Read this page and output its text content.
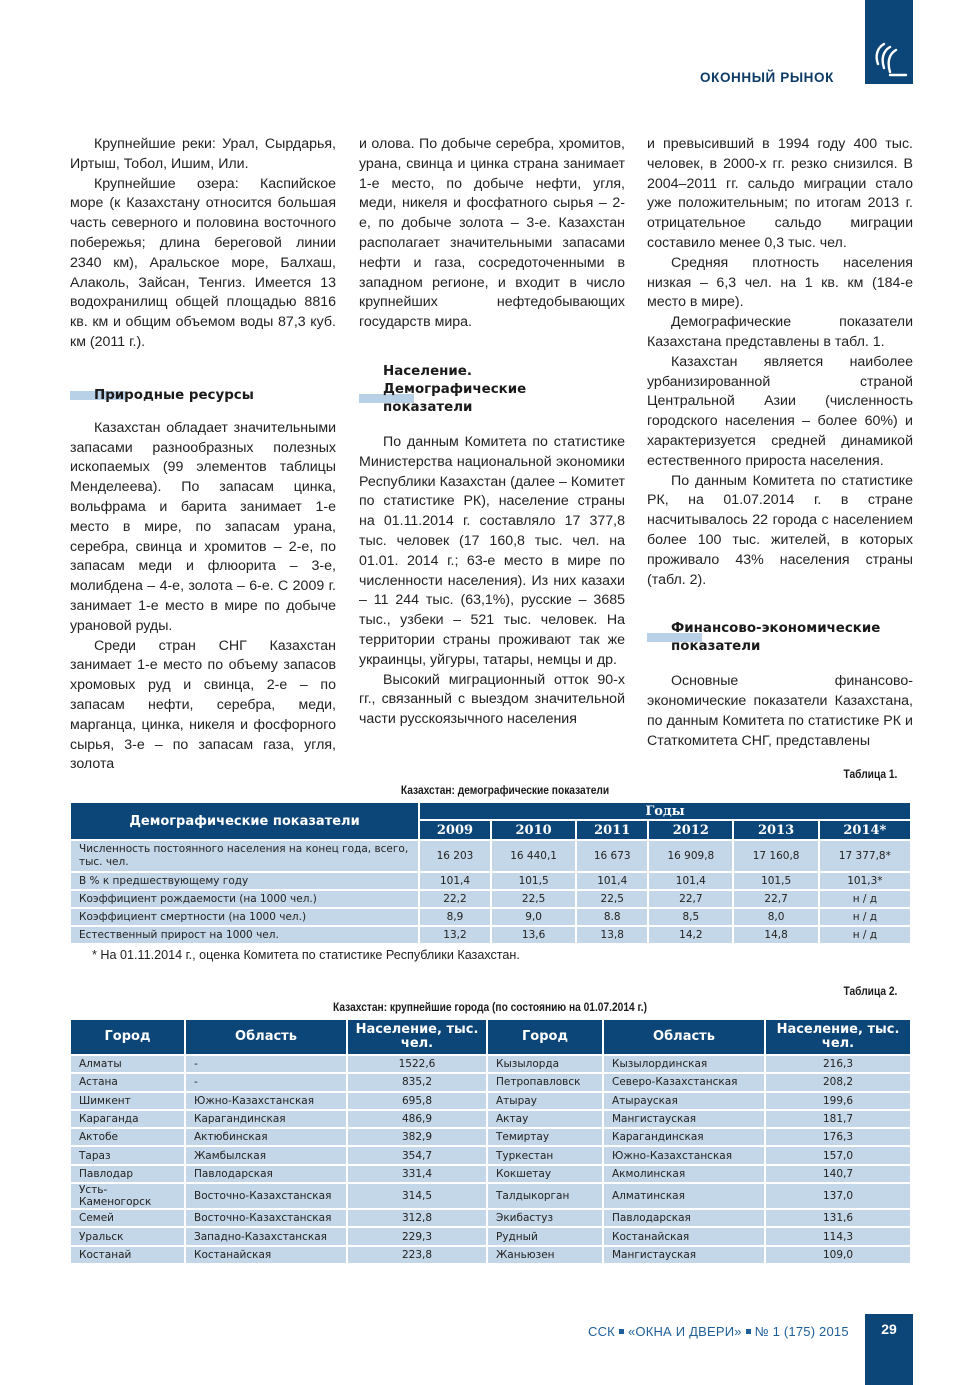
ОКОННЫЙ РЫНОК

Крупнейшие реки: Урал, Сырдарья, Иртыш, Тобол, Ишим, Или.

Крупнейшие озера: Каспийское море (к Казахстану относится большая часть северного и половина восточного побережья; длина береговой линии 2340 км), Аральское море, Балхаш, Алаколь, Зайсан, Тенгиз. Имеется 13 водохранилищ общей площадью 8816 кв. км и общим объемом воды 87,3 куб. км (2011 г.).

Природные ресурсы

Казахстан обладает значительными запасами разнообразных полезных ископаемых (99 элементов таблицы Менделеева). По запасам цинка, вольфрама и барита занимает 1-е место в мире, по запасам урана, серебра, свинца и хромитов – 2-е, по запасам меди и флюорита – 3-е, молибдена – 4-е, золота – 6-е. С 2009 г. занимает 1-е место в мире по добыче урановой руды.

Среди стран СНГ Казахстан занимает 1-е место по объему запасов хромовых руд и свинца, 2-е – по запасам нефти, серебра, меди, марганца, цинка, никеля и фосфорного сырья, 3-е – по запасам газа, угля, золота

и олова. По добыче серебра, хромитов, урана, свинца и цинка страна занимает 1-е место, по добыче нефти, угля, меди, никеля и фосфатного сырья – 2-е, по добыче золота – 3-е. Казахстан располагает значительными запасами нефти и газа, сосредоточенными в западном регионе, и входит в число крупнейших нефтедобывающих государств мира.

Население.
Демографические
показатели

По данным Комитета по статистике Министерства национальной экономики Республики Казахстан (далее – Комитет по статистике РК), население страны на 01.11.2014 г. составляло 17 377,8 тыс. человек (17 160,8 тыс. чел. на 01.01. 2014 г.; 63-е место в мире по численности населения). Из них казахи – 11 244 тыс. (63,1%), русские – 3685 тыс., узбеки – 521 тыс. человек. На территории страны проживают так же украинцы, уйгуры, татары, немцы и др.

Высокий миграционный отток 90-х гг., связанный с выездом значительной части русскоязычного населения

и превысивший в 1994 году 400 тыс. человек, в 2000-х гг. резко снизился. В 2004–2011 гг. сальдо миграции стало уже положительным; по итогам 2013 г. отрицательное сальдо миграции составило менее 0,3 тыс. чел.

Средняя плотность населения низкая – 6,3 чел. на 1 кв. км (184-е место в мире).

Демографические показатели Казахстана представлены в табл. 1.

Казахстан является наиболее урбанизированной страной Центральной Азии (численность городского населения – более 60%) и характеризуется средней динамикой естественного прироста населения.

По данным Комитета по статистике РК, на 01.07.2014 г. в стране насчитывалось 22 города с населением более 100 тыс. жителей, в которых проживало 43% населения страны (табл. 2).

Финансово-экономические
показатели

Основные финансово-экономические показатели Казахстана, по данным Комитета по статистике РК и Статкомитета СНГ, представлены

Таблица 1.
Казахстан: демографические показатели
Демографические показатели	Годы					
	2009	2010	2011	2012	2013	2014*
Численность постоянного населения на конец года, всего, тыс. чел.	16 203	16 440,1	16 673	16 909,8	17 160,8	17 377,8*
В % к предшествующему году	101,4	101,5	101,4	101,4	101,5	101,3*
Коэффициент рождаемости (на 1000 чел.)	22,2	22,5	22,5	22,7	22,7	н / д
Коэффициент смертности (на 1000 чел.)	8,9	9,0	8.8	8,5	8,0	н / д
Естественный прирост на 1000 чел.	13,2	13,6	13,8	14,2	14,8	н / д
* На 01.11.2014 г., оценка Комитета по статистике Республики Казахстан.
Таблица 2.
Казахстан: крупнейшие города (по состоянию на 01.07.2014 г.)
Город	Область	Население, тыс. чел.	Город	Область	Население, тыс. чел.
Алматы	-	1522,6	Кызылорда	Кызылординская	216,3
Астана	-	835,2	Петропавловск	Северо-Казахстанская	208,2
Шимкент	Южно-Казахстанская	695,8	Атырау	Атырауская	199,6
Караганда	Карагандинская	486,9	Актау	Мангистауская	181,7
Актобе	Актюбинская	382,9	Темиртау	Карагандинская	176,3
Тараз	Жамбылская	354,7	Туркестан	Южно-Казахстанская	157,0
Павлодар	Павлодарская	331,4	Кокшетау	Акмолинская	140,7
Усть-Каменогорск	Восточно-Казахстанская	314,5	Талдыкорган	Алматинская	137,0
Семей	Восточно-Казахстанская	312,8	Экибастуз	Павлодарская	131,6
Уральск	Западно-Казахстанская	229,3	Рудный	Костанайская	114,3
Костанай	Костанайская	223,8	Жаньюзен	Мангистауская	109,0
ССК «ОКНА И ДВЕРИ» № 1 (175) 2015	29
